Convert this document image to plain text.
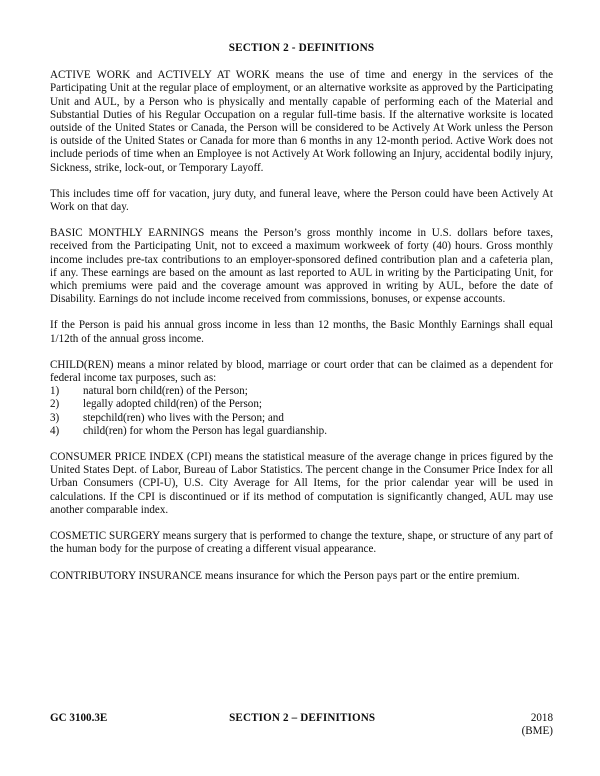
SECTION 2 - DEFINITIONS

ACTIVE WORK and ACTIVELY AT WORK means the use of time and energy in the services of the Participating Unit at the regular place of employment, or an alternative worksite as approved by the Participating Unit and AUL, by a Person who is physically and mentally capable of performing each of the Material and Substantial Duties of his Regular Occupation on a regular full-time basis. If the alternative worksite is located outside of the United States or Canada, the Person will be considered to be Actively At Work unless the Person is outside of the United States or Canada for more than 6 months in any 12-month period. Active Work does not include periods of time when an Employee is not Actively At Work following an Injury, accidental bodily injury, Sickness, strike, lock-out, or Temporary Layoff.

This includes time off for vacation, jury duty, and funeral leave, where the Person could have been Actively At Work on that day.

BASIC MONTHLY EARNINGS means the Person’s gross monthly income in U.S. dollars before taxes, received from the Participating Unit, not to exceed a maximum workweek of forty (40) hours. Gross monthly income includes pre-tax contributions to an employer-sponsored defined contribution plan and a cafeteria plan, if any. These earnings are based on the amount as last reported to AUL in writing by the Participating Unit, for which premiums were paid and the coverage amount was approved in writing by AUL, before the date of Disability. Earnings do not include income received from commissions, bonuses, or expense accounts.

If the Person is paid his annual gross income in less than 12 months, the Basic Monthly Earnings shall equal 1/12th of the annual gross income.

CHILD(REN) means a minor related by blood, marriage or court order that can be claimed as a dependent for federal income tax purposes, such as:

1)	natural born child(ren) of the Person;
2)	legally adopted child(ren) of the Person;
3)	stepchild(ren) who lives with the Person; and
4)	child(ren) for whom the Person has legal guardianship.

CONSUMER PRICE INDEX (CPI) means the statistical measure of the average change in prices figured by the United States Dept. of Labor, Bureau of Labor Statistics. The percent change in the Consumer Price Index for all Urban Consumers (CPI-U), U.S. City Average for All Items, for the prior calendar year will be used in calculations. If the CPI is discontinued or if its method of computation is significantly changed, AUL may use another comparable index.

COSMETIC SURGERY means surgery that is performed to change the texture, shape, or structure of any part of the human body for the purpose of creating a different visual appearance.

CONTRIBUTORY INSURANCE means insurance for which the Person pays part or the entire premium.

GC 3100.3E	SECTION 2 – DEFINITIONS	2018
(BME)
